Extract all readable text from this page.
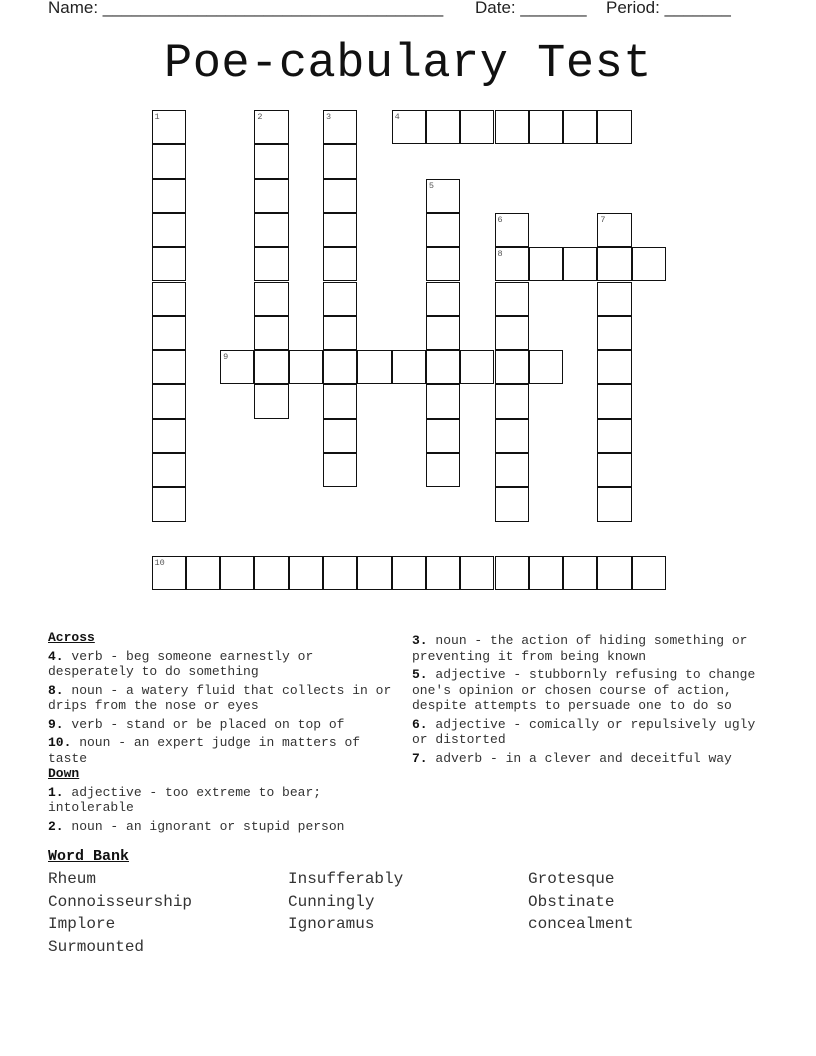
Name: ____________________________________ Date: _______ Period: _______
Poe-cabulary Test
4
8
9
10
1	2	3
5
6	7
Across
4. verb - beg someone earnestly or desperately to do something
8. noun - a watery fluid that collects in or drips from the nose or eyes
9. verb - stand or be placed on top of
10. noun - an expert judge in matters of taste
Down
1. adjective - too extreme to bear; intolerable
2. noun - an ignorant or stupid person
3. noun - the action of hiding something or preventing it from being known
5. adjective - stubbornly refusing to change one's opinion or chosen course of action, despite attempts to persuade one to do so
6. adjective - comically or repulsively ugly or distorted
7. adverb - in a clever and deceitful way
Word Bank
Rheum	Insufferably	Grotesque
Connoisseurship	Cunningly	Obstinate
Implore	Ignoramus	concealment
Surmounted
